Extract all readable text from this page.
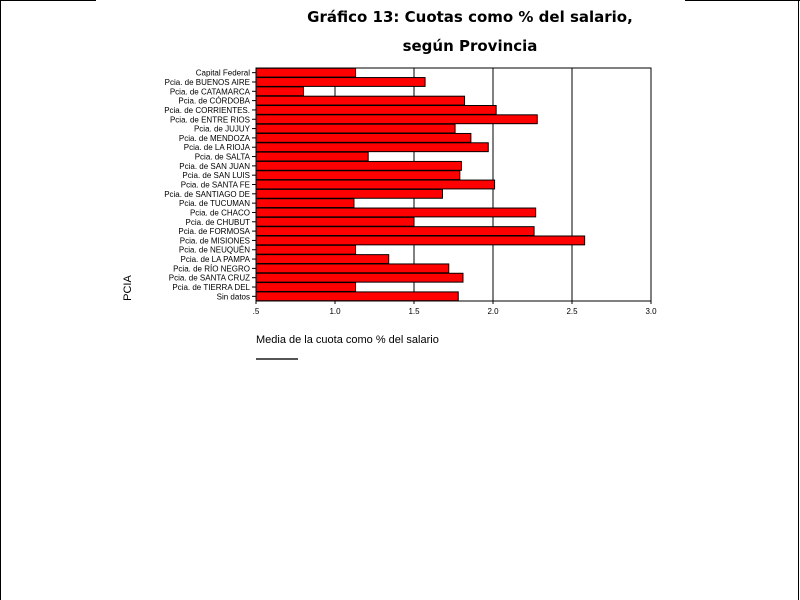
Gráfico 13: Cuotas como % del salario,
según Provincia
.5	1.0	1.5	2.0	2.5	3.0
Capital Federal
Pcia. de BUENOS AIRE
Pcia. de CATAMARCA
Pcia. de CÓRDOBA
Pcia. de CORRIENTES.
Pcia. de ENTRE RIOS
Pcia. de JUJUY
Pcia. de MENDOZA
Pcia. de LA RIOJA
Pcia. de SALTA
Pcia. de SAN JUAN
Pcia. de SAN LUIS
Pcia. de SANTA FE
Pcia. de SANTIAGO DE
Pcia. de TUCUMAN
Pcia. de CHACO
Pcia. de CHUBUT
Pcia. de FORMOSA
Pcia. de MISIONES
Pcia. de NEUQUÉN
Pcia. de LA PAMPA
Pcia. de RÍO NEGRO
Pcia. de SANTA CRUZ
Pcia. de TIERRA DEL
Sin datos
Media de la cuota como % del salario
PCIA
